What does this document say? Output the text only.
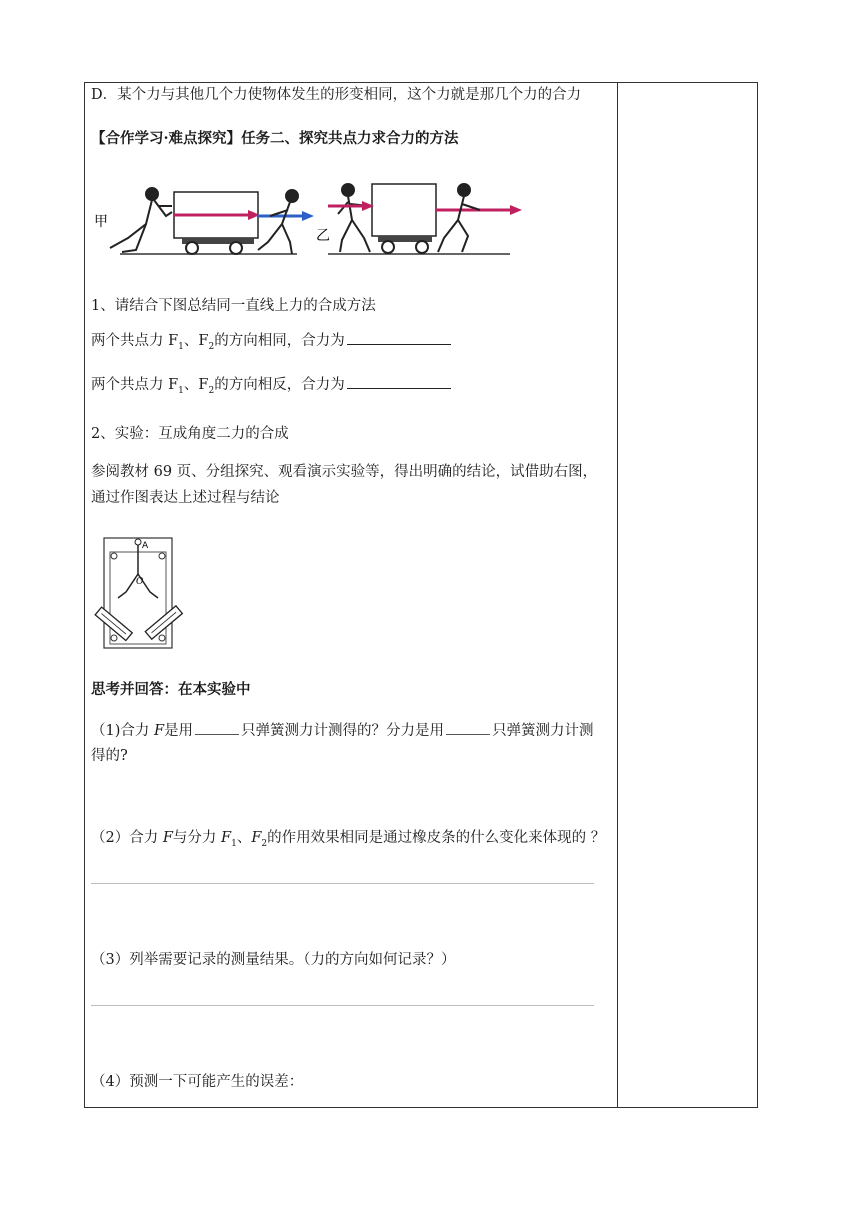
D．某个力与其他几个力使物体发生的形变相同，这个力就是那几个力的合力
【合作学习·难点探究】任务二、探究共点力求合力的方法
甲
乙
1、请结合下图总结同一直线上力的合成方法
两个共点力 $F_1$、$F_2$的方向相同，合力为
两个共点力 $F_1$、$F_2$的方向相反，合力为
2、实验：互成角度二力的合成
参阅教材 69 页、分组探究、观看演示实验等，得出明确的结论，试借助右图，
通过作图表达上述过程与结论
A
O
思考并回答：在本实验中
（1)合力 F是用	只弹簧测力计测得的？分力是用	只弹簧测力计测
得的?
（2）合力 F与分力 $F_1$、$F_2$的作用效果相同是通过橡皮条的什么变化来体现的 ？
（3）列举需要记录的测量结果。（力的方向如何记录？）
（4）预测一下可能产生的误差：
